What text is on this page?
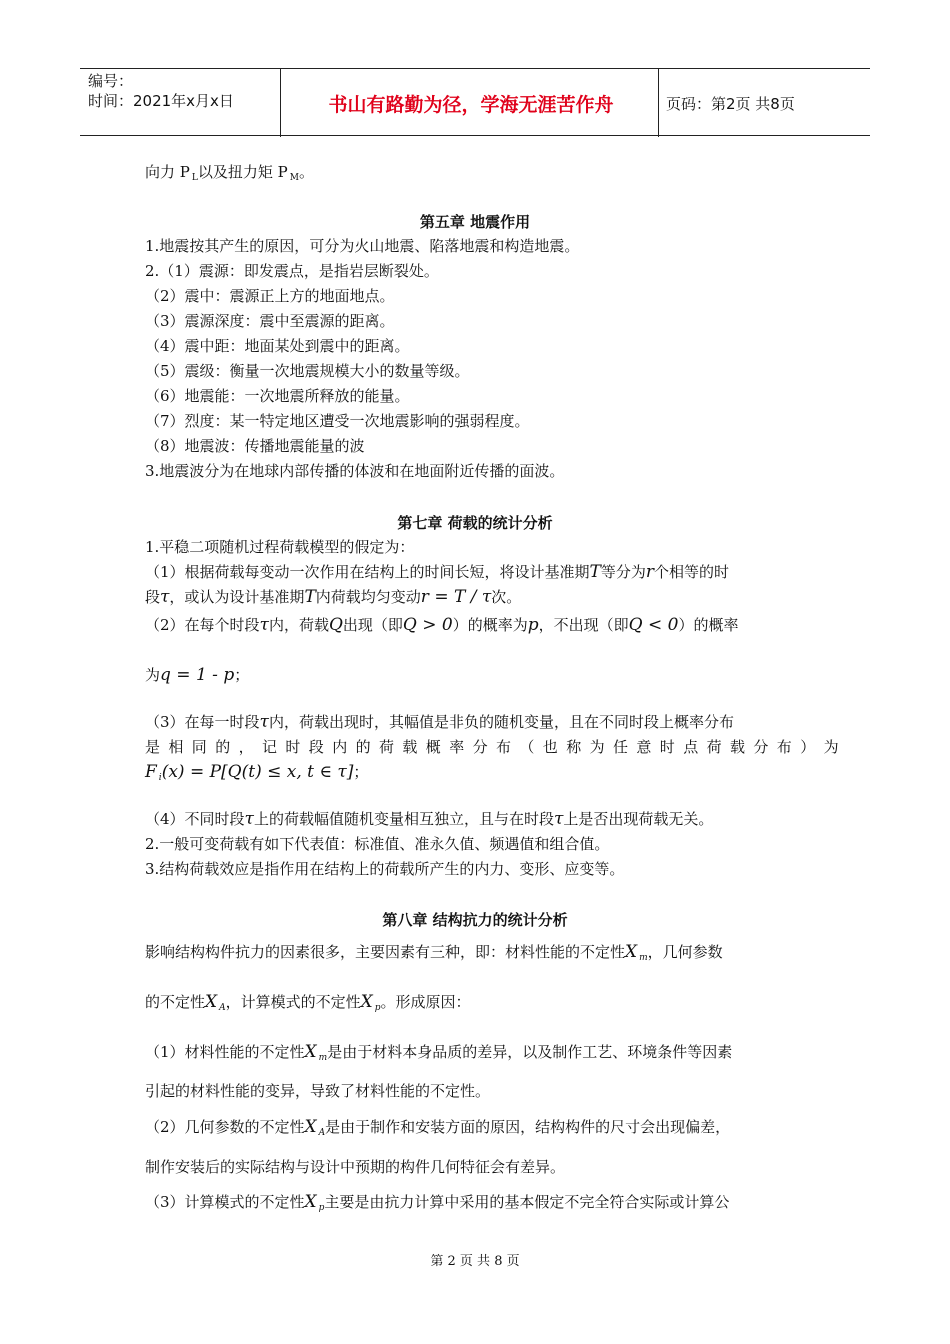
编号：
时间：2021年x月x日	书山有路勤为径，学海无涯苦作舟	页码：第2页 共8页
向力 P $_L$以及扭力矩 P $_M$。
第五章 地震作用
1.地震按其产生的原因，可分为火山地震、陷落地震和构造地震。
2.（1）震源：即发震点，是指岩层断裂处。
（2）震中：震源正上方的地面地点。
（3）震源深度：震中至震源的距离。
（4）震中距：地面某处到震中的距离。
（5）震级：衡量一次地震规模大小的数量等级。
（6）地震能：一次地震所释放的能量。
（7）烈度：某一特定地区遭受一次地震影响的强弱程度。
（8）地震波：传播地震能量的波
3.地震波分为在地球内部传播的体波和在地面附近传播的面波。
第七章 荷载的统计分析
1.平稳二项随机过程荷载模型的假定为：
（1）根据荷载每变动一次作用在结构上的时间长短，将设计基准期T等分为r个相等的时
段τ，或认为设计基准期T内荷载均匀变动r = T / τ次。
（2）在每个时段τ内，荷载Q出现（即Q > 0）的概率为p，不出现（即Q < 0）的概率
为q = 1 - p；
（3）在每一时段τ内，荷载出现时，其幅值是非负的随机变量，且在不同时段上概率分布
是相同的，记时段内的荷载概率分布（也称为任意时点荷载分布）为
F $_i$(x) = P[Q(t) ≤ x, t ∈ τ]；
（4）不同时段τ上的荷载幅值随机变量相互独立，且与在时段τ上是否出现荷载无关。
2.一般可变荷载有如下代表值：标准值、准永久值、频遇值和组合值。
3.结构荷载效应是指作用在结构上的荷载所产生的内力、变形、应变等。
第八章 结构抗力的统计分析
影响结构构件抗力的因素很多，主要因素有三种，即：材料性能的不定性X $_m$，几何参数
的不定性X $_A$，计算模式的不定性X $_p$。形成原因：
（1）材料性能的不定性X $_m$是由于材料本身品质的差异，以及制作工艺、环境条件等因素
引起的材料性能的变异，导致了材料性能的不定性。
（2）几何参数的不定性X $_A$是由于制作和安装方面的原因，结构构件的尺寸会出现偏差，
制作安装后的实际结构与设计中预期的构件几何特征会有差异。
（3）计算模式的不定性X $_p$主要是由抗力计算中采用的基本假定不完全符合实际或计算公
第 2 页 共 8 页
